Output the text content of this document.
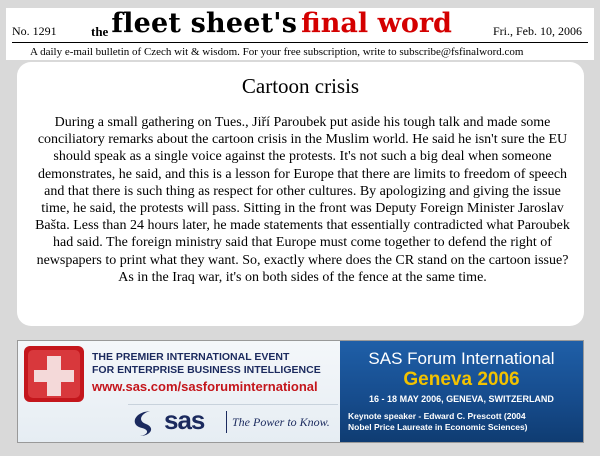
No. 1291	the fleet sheet's final word	Fri., Feb. 10, 2006
A daily e-mail bulletin of Czech wit & wisdom. For your free subscription, write to subscribe@fsfinalword.com
Cartoon crisis
During a small gathering on Tues., Jiří Paroubek put aside his tough talk and made some conciliatory remarks about the cartoon crisis in the Muslim world. He said he isn't sure the EU should speak as a single voice against the protests. It's not such a big deal when someone demonstrates, he said, and this is a lesson for Europe that there are limits to freedom of speech and that there is such thing as respect for other cultures. By apologizing and giving the issue time, he said, the protests will pass. Sitting in the front was Deputy Foreign Minister Jaroslav Bašta. Less than 24 hours later, he made statements that essentially contradicted what Paroubek had said. The foreign ministry said that Europe must come together to defend the right of newspapers to print what they want. So, exactly where does the CR stand on the cartoon issue? As in the Iraq war, it's on both sides of the fence at the same time.
THE PREMIER INTERNATIONAL EVENT
FOR ENTERPRISE BUSINESS INTELLIGENCE
www.sas.com/sasforuminternational
sas The Power to Know.
SAS Forum International
Geneva 2006
16 - 18 MAY 2006, GENEVA, SWITZERLAND
Keynote speaker - Edward C. Prescott (2004
Nobel Price Laureate in Economic Sciences)
